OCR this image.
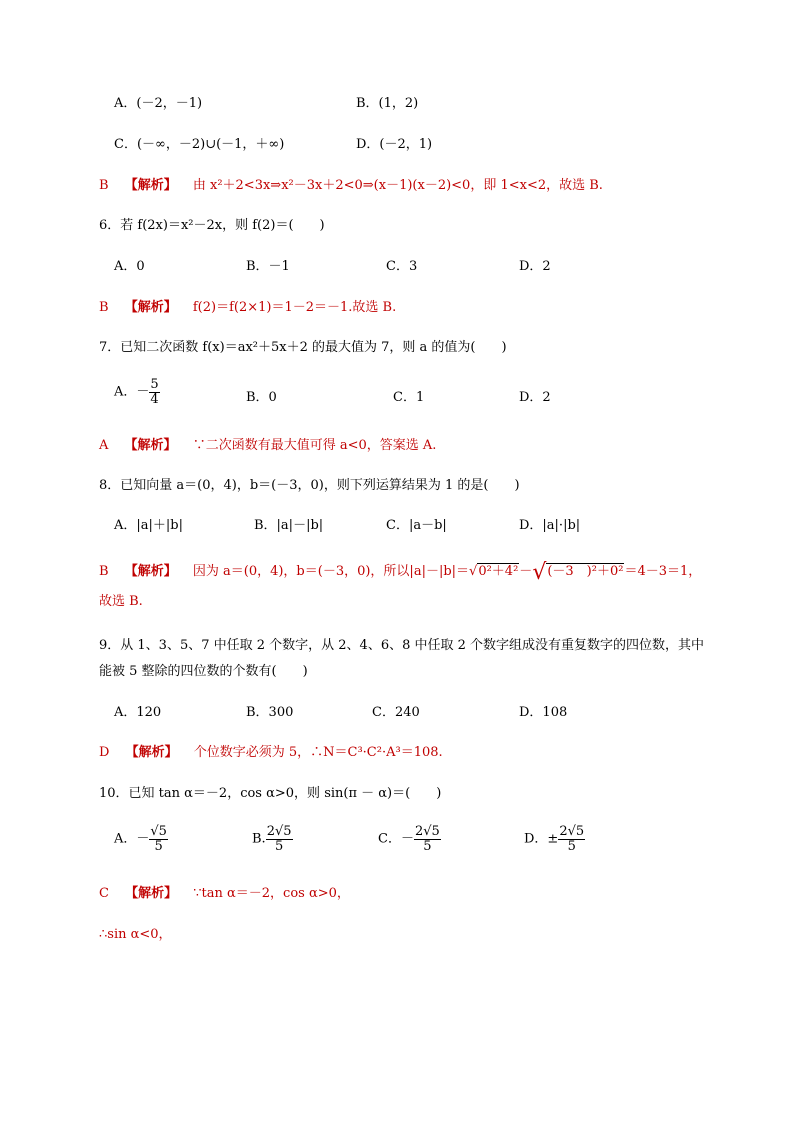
A．(－2，－1)	B．(1，2)
C．(－∞，－2)∪(－1，＋∞)	D．(－2，1)
B 【解析】 由 x²＋2<3x⇒x²－3x＋2<0⇒(x－1)(x－2)<0，即 1<x<2，故选 B.
6．若 f(2x)＝x²－2x，则 f(2)＝(　　)
A．0	B．－1	C．3	D．2
B 【解析】 f(2)＝f(2×1)＝1－2＝－1.故选 B.
7．已知二次函数 f(x)＝ax²＋5x＋2 的最大值为 7，则 a 的值为(　　)
A．－ $\frac{5}{4}$	B．0	C．1	D．2
A 【解析】 ∵二次函数有最大值可得 a<0，答案选 A.
8．已知向量 a＝(0，4)，b＝(－3，0)，则下列运算结果为 1 的是(　　)
A．|a|＋|b|	B．|a|－|b|	C．|a－b|	D．|a|·|b|
B 【解析】 因为 a＝(0，4)，b＝(－3，0)，所以|a|－|b|＝√0²＋4²－√(－3　)²＋0²＝4－3＝1，
故选 B.
9．从 1、3、5、7 中任取 2 个数字，从 2、4、6、8 中任取 2 个数字组成没有重复数字的四位数，其中
能被 5 整除的四位数的个数有(　　)
A．120	B．300	C．240	D．108
D 【解析】 个位数字必须为 5，∴N＝C³·C²·A³＝108.
10．已知 tan α＝－2，cos α>0，则 sin(π － α)＝(　　)
A．－ $\frac{√5}{5}$	B. $\frac{2√5}{5}$	C．－ $\frac{2√5}{5}$	D．± $\frac{2√5}{5}$
C 【解析】 ∵tan α＝－2，cos α>0，
∴sin α<0，
